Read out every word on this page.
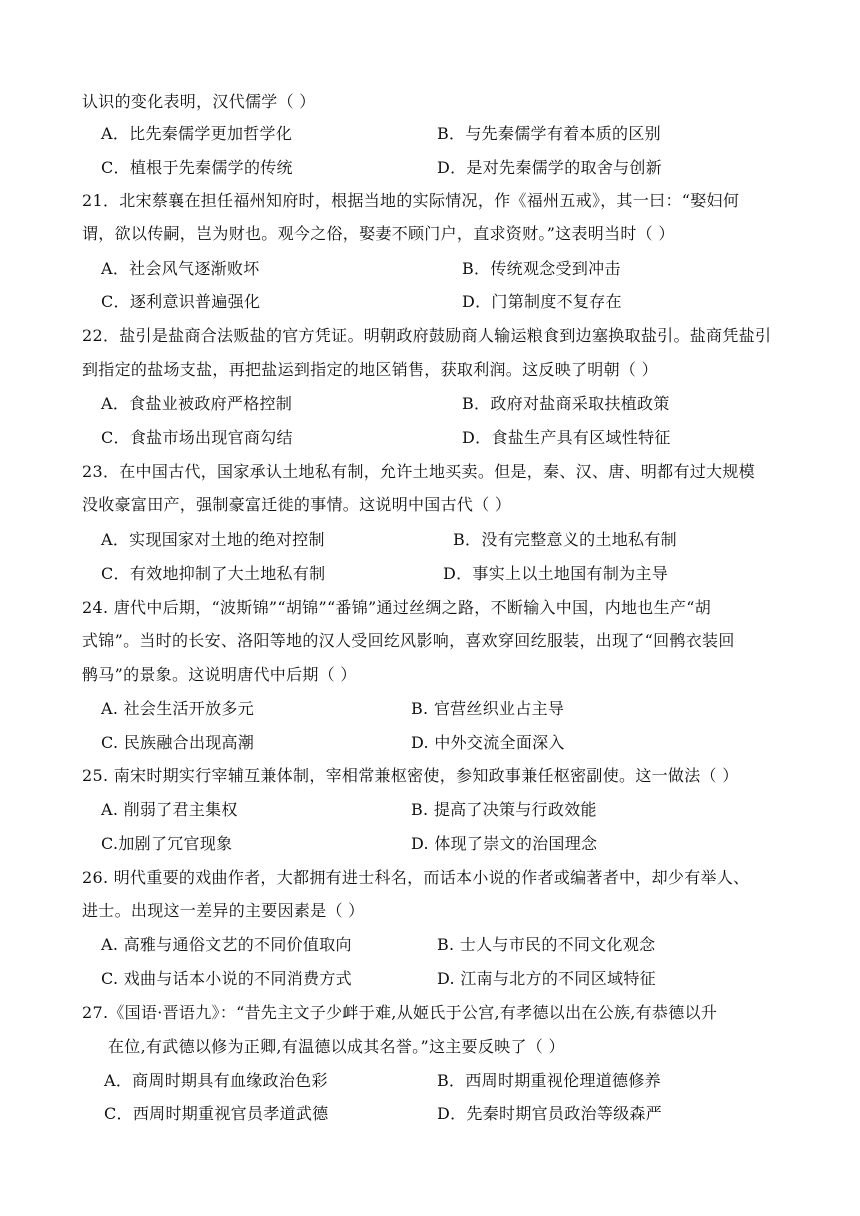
认识的变化表明，汉代儒学（ ）
A．比先秦儒学更加哲学化	B．与先秦儒学有着本质的区别
C．植根于先秦儒学的传统	D．是对先秦儒学的取舍与创新
21．北宋蔡襄在担任福州知府时，根据当地的实际情况，作《福州五戒》，其一曰：“娶妇何
谓，欲以传嗣，岂为财也。观今之俗，娶妻不顾门户，直求资财。”这表明当时（ ）
A．社会风气逐渐败坏	B．传统观念受到冲击
C．逐利意识普遍强化	D．门第制度不复存在
22．盐引是盐商合法贩盐的官方凭证。明朝政府鼓励商人输运粮食到边塞换取盐引。盐商凭盐引
到指定的盐场支盐，再把盐运到指定的地区销售，获取利润。这反映了明朝（ ）
A．食盐业被政府严格控制	B．政府对盐商采取扶植政策
C．食盐市场出现官商勾结	D．食盐生产具有区域性特征
23．在中国古代，国家承认土地私有制，允许土地买卖。但是，秦、汉、唐、明都有过大规模
没收豪富田产，强制豪富迁徙的事情。这说明中国古代（ ）
A．实现国家对土地的绝对控制	B．没有完整意义的土地私有制
C．有效地抑制了大土地私有制	D．事实上以土地国有制为主导
24. 唐代中后期，“波斯锦”“胡锦”“番锦”通过丝绸之路，不断输入中国，内地也生产“胡
式锦”。当时的长安、洛阳等地的汉人受回纥风影响，喜欢穿回纥服装，出现了“回鹘衣装回
鹘马”的景象。这说明唐代中后期（ ）
A. 社会生活开放多元	B. 官营丝织业占主导
C. 民族融合出现高潮	D. 中外交流全面深入
25. 南宋时期实行宰辅互兼体制，宰相常兼枢密使，参知政事兼任枢密副使。这一做法（ ）
A. 削弱了君主集权	B. 提高了决策与行政效能
C.加剧了冗官现象	D. 体现了崇文的治国理念
26. 明代重要的戏曲作者，大都拥有进士科名，而话本小说的作者或编著者中，却少有举人、
进士。出现这一差异的主要因素是（ ）
A. 高雅与通俗文艺的不同价值取向	B. 士人与市民的不同文化观念
C. 戏曲与话本小说的不同消费方式	D. 江南与北方的不同区域特征
27.《国语·晋语九》：“昔先主文子少衅于难,从姬氏于公宫,有孝德以出在公族,有恭德以升
在位,有武德以修为正卿,有温德以成其名誉。”这主要反映了（ ）
A．商周时期具有血缘政治色彩	B．西周时期重视伦理道德修养
C．西周时期重视官员孝道武德	D．先秦时期官员政治等级森严
